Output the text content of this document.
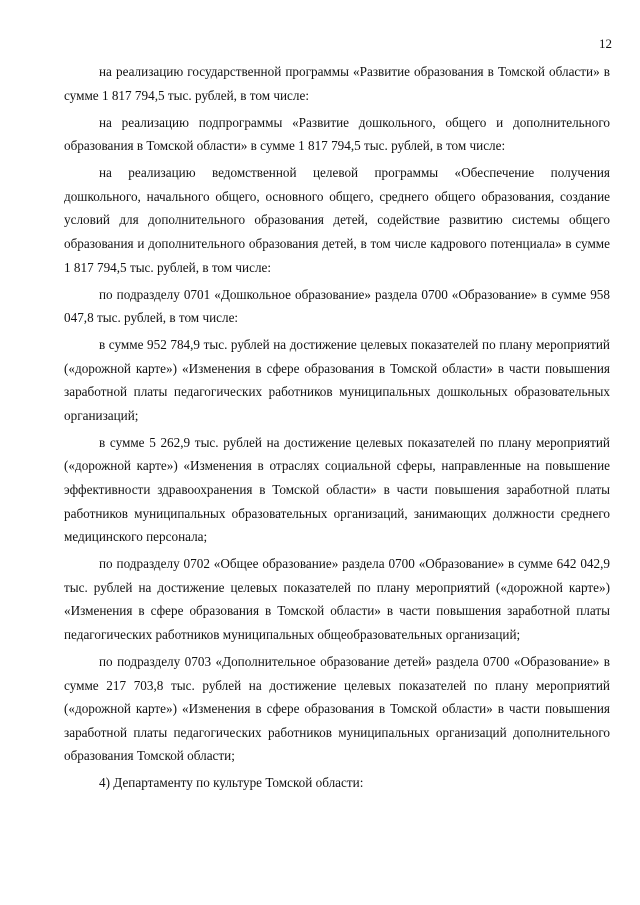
12

на реализацию государственной программы «Развитие образования в Томской области» в сумме 1 817 794,5 тыс. рублей, в том числе:

на реализацию подпрограммы «Развитие дошкольного, общего и дополнительного образования в Томской области» в сумме 1 817 794,5 тыс. рублей, в том числе:

на реализацию ведомственной целевой программы «Обеспечение получения дошкольного, начального общего, основного общего, среднего общего образования, создание условий для дополнительного образования детей, содействие развитию системы общего образования и дополнительного образования детей, в том числе кадрового потенциала» в сумме 1 817 794,5 тыс. рублей, в том числе:

по подразделу 0701 «Дошкольное образование» раздела 0700 «Образование» в сумме 958 047,8 тыс. рублей, в том числе:

в сумме 952 784,9 тыс. рублей на достижение целевых показателей по плану мероприятий («дорожной карте») «Изменения в сфере образования в Томской области» в части повышения заработной платы педагогических работников муниципальных дошкольных образовательных организаций;

в сумме 5 262,9 тыс. рублей на достижение целевых показателей по плану мероприятий («дорожной карте») «Изменения в отраслях социальной сферы, направленные на повышение эффективности здравоохранения в Томской области» в части повышения заработной платы работников муниципальных образовательных организаций, занимающих должности среднего медицинского персонала;

по подразделу 0702 «Общее образование» раздела 0700 «Образование» в сумме 642 042,9 тыс. рублей на достижение целевых показателей по плану мероприятий («дорожной карте») «Изменения в сфере образования в Томской области» в части повышения заработной платы педагогических работников муниципальных общеобразовательных организаций;

по подразделу 0703 «Дополнительное образование детей» раздела 0700 «Образование» в сумме 217 703,8 тыс. рублей на достижение целевых показателей по плану мероприятий («дорожной карте») «Изменения в сфере образования в Томской области» в части повышения заработной платы педагогических работников муниципальных организаций дополнительного образования Томской области;

4) Департаменту по культуре Томской области:
